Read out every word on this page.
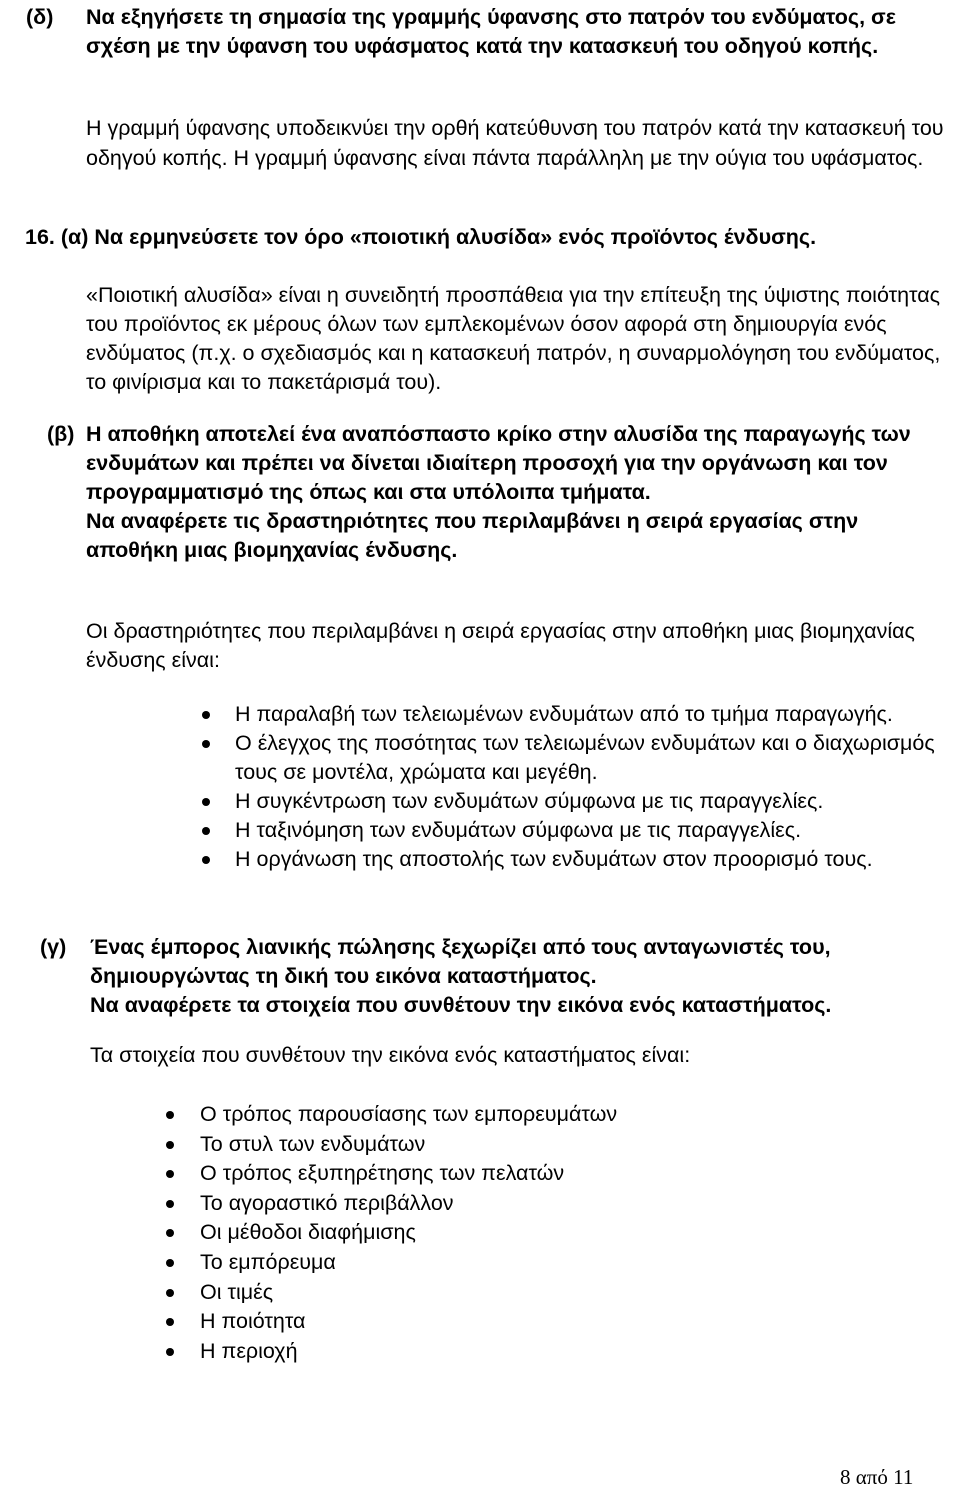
(δ) Να εξηγήσετε τη σημασία της γραμμής ύφανσης στο πατρόν του ενδύματος, σε σχέση με την ύφανση του υφάσματος κατά την κατασκευή του οδηγού κοπής.

Η γραμμή ύφανσης υποδεικνύει την ορθή κατεύθυνση του πατρόν κατά την κατασκευή του οδηγού κοπής. Η γραμμή ύφανσης είναι πάντα παράλληλη με την ούγια του υφάσματος.

16. (α) Να ερμηνεύσετε τον όρο «ποιοτική αλυσίδα» ενός προϊόντος ένδυσης.

«Ποιοτική αλυσίδα» είναι η συνειδητή προσπάθεια για την επίτευξη της ύψιστης ποιότητας του προϊόντος εκ μέρους όλων των εμπλεκομένων όσον αφορά στη δημιουργία ενός ενδύματος (π.χ. ο σχεδιασμός και η κατασκευή πατρόν, η συναρμολόγηση του ενδύματος, το φινίρισμα και το πακετάρισμά του).

(β) Η αποθήκη αποτελεί ένα αναπόσπαστο κρίκο στην αλυσίδα της παραγωγής των ενδυμάτων και πρέπει να δίνεται ιδιαίτερη προσοχή για την οργάνωση και τον προγραμματισμό της όπως και στα υπόλοιπα τμήματα.
Να αναφέρετε τις δραστηριότητες που περιλαμβάνει η σειρά εργασίας στην αποθήκη μιας βιομηχανίας ένδυσης.

Οι δραστηριότητες που περιλαμβάνει η σειρά εργασίας στην αποθήκη μιας βιομηχανίας ένδυσης είναι:

Η παραλαβή των τελειωμένων ενδυμάτων από το τμήμα παραγωγής.
Ο έλεγχος της ποσότητας των τελειωμένων ενδυμάτων και ο διαχωρισμός τους σε μοντέλα, χρώματα και μεγέθη.
Η συγκέντρωση των ενδυμάτων σύμφωνα με τις παραγγελίες.
Η ταξινόμηση των ενδυμάτων σύμφωνα με τις παραγγελίες.
Η οργάνωση της αποστολής των ενδυμάτων στον προορισμό τους.
(γ) Ένας έμπορος λιανικής πώλησης ξεχωρίζει από τους ανταγωνιστές του, δημιουργώντας τη δική του εικόνα καταστήματος.
Να αναφέρετε τα στοιχεία που συνθέτουν την εικόνα ενός καταστήματος.

Τα στοιχεία που συνθέτουν την εικόνα ενός καταστήματος είναι:

Ο τρόπος παρουσίασης των εμπορευμάτων
Το στυλ των ενδυμάτων
Ο τρόπος εξυπηρέτησης των πελατών
Το αγοραστικό περιβάλλον
Οι μέθοδοι διαφήμισης
Το εμπόρευμα
Οι τιμές
Η ποιότητα
Η περιοχή
8 από 11
